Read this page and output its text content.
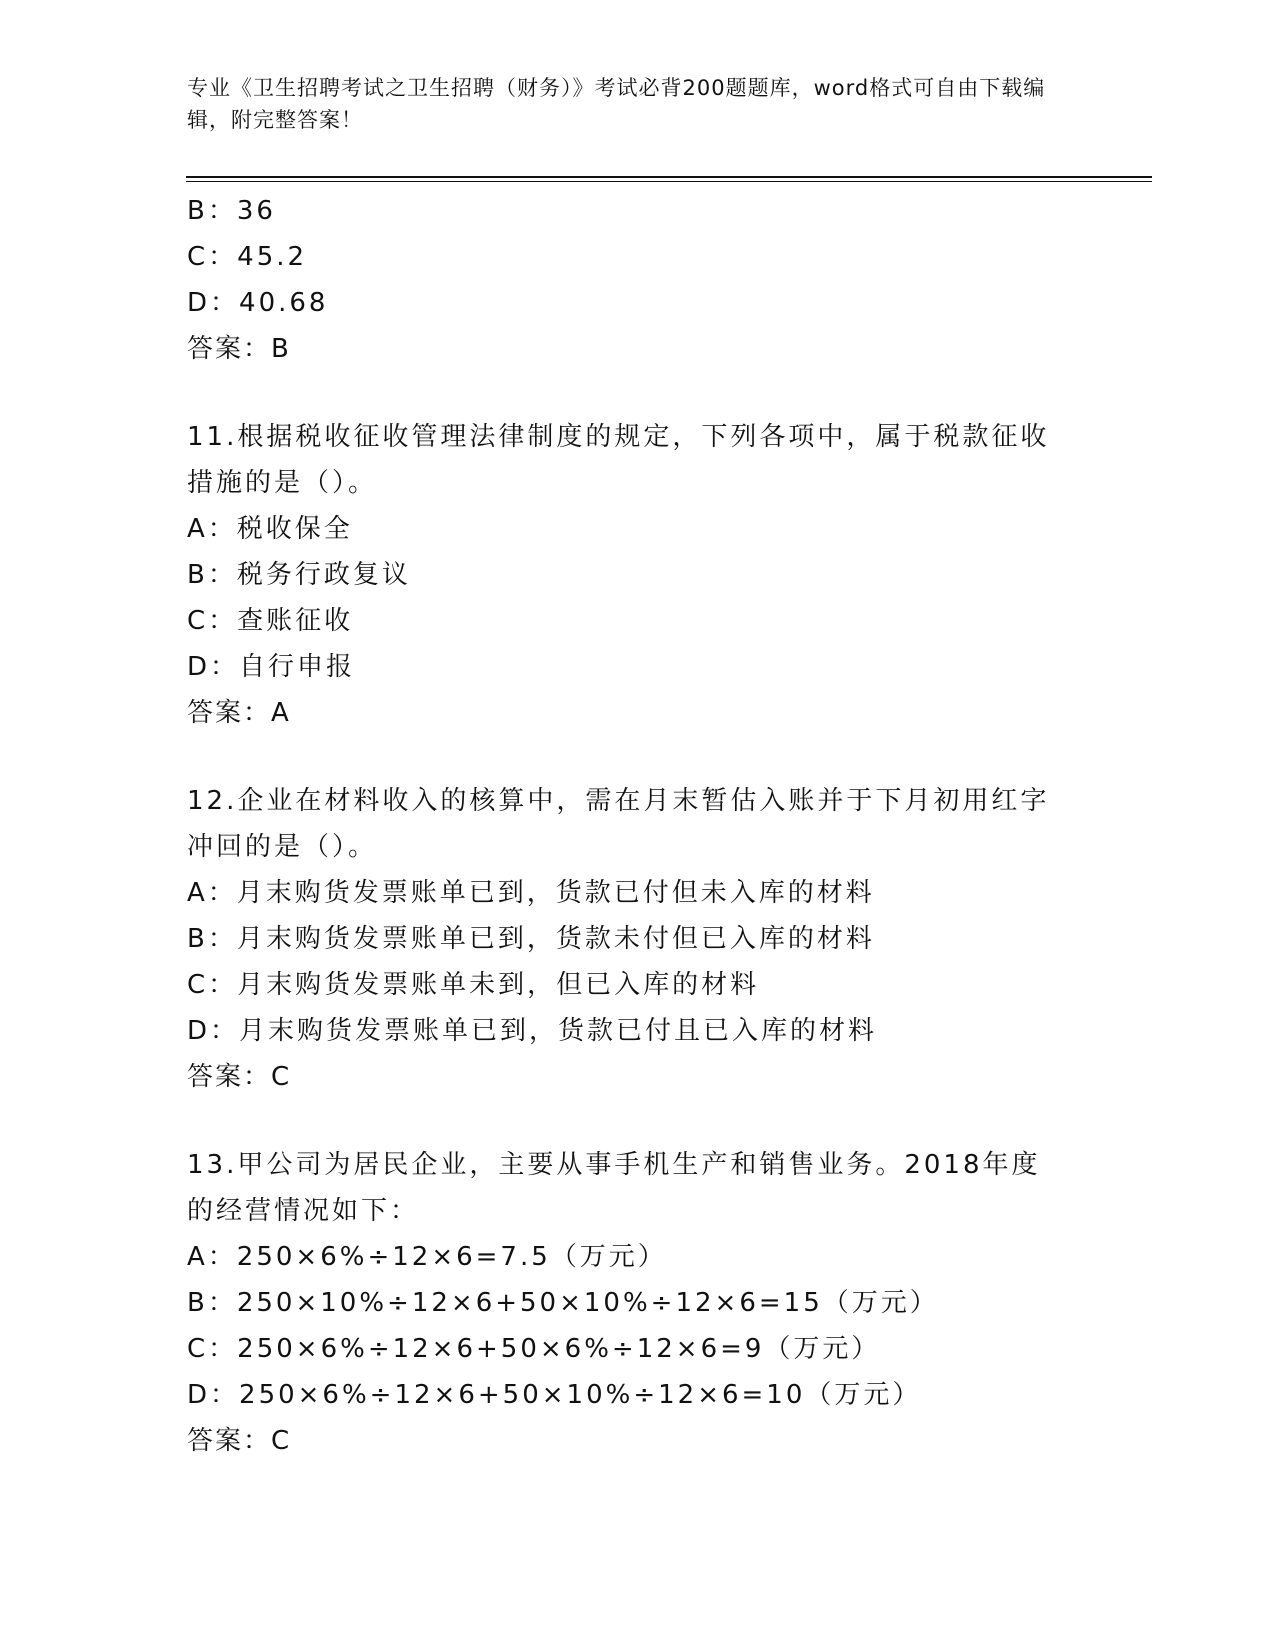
专业《卫生招聘考试之卫生招聘（财务）》考试必背200题题库，word格式可自由下载编辑，附完整答案！
B：36
C：45.2
D：40.68
答案：B
11.根据税收征收管理法律制度的规定，下列各项中，属于税款征收措施的是（）。
A：税收保全
B：税务行政复议
C：查账征收
D：自行申报
答案：A
12.企业在材料收入的核算中，需在月末暂估入账并于下月初用红字冲回的是（）。
A：月末购货发票账单已到，货款已付但未入库的材料
B：月末购货发票账单已到，货款未付但已入库的材料
C：月末购货发票账单未到，但已入库的材料
D：月末购货发票账单已到，货款已付且已入库的材料
答案：C
13.甲公司为居民企业，主要从事手机生产和销售业务。2018年度的经营情况如下：
A：250×6%÷12×6=7.5（万元）
B：250×10%÷12×6+50×10%÷12×6=15（万元）
C：250×6%÷12×6+50×6%÷12×6=9（万元）
D：250×6%÷12×6+50×10%÷12×6=10（万元）
答案：C
